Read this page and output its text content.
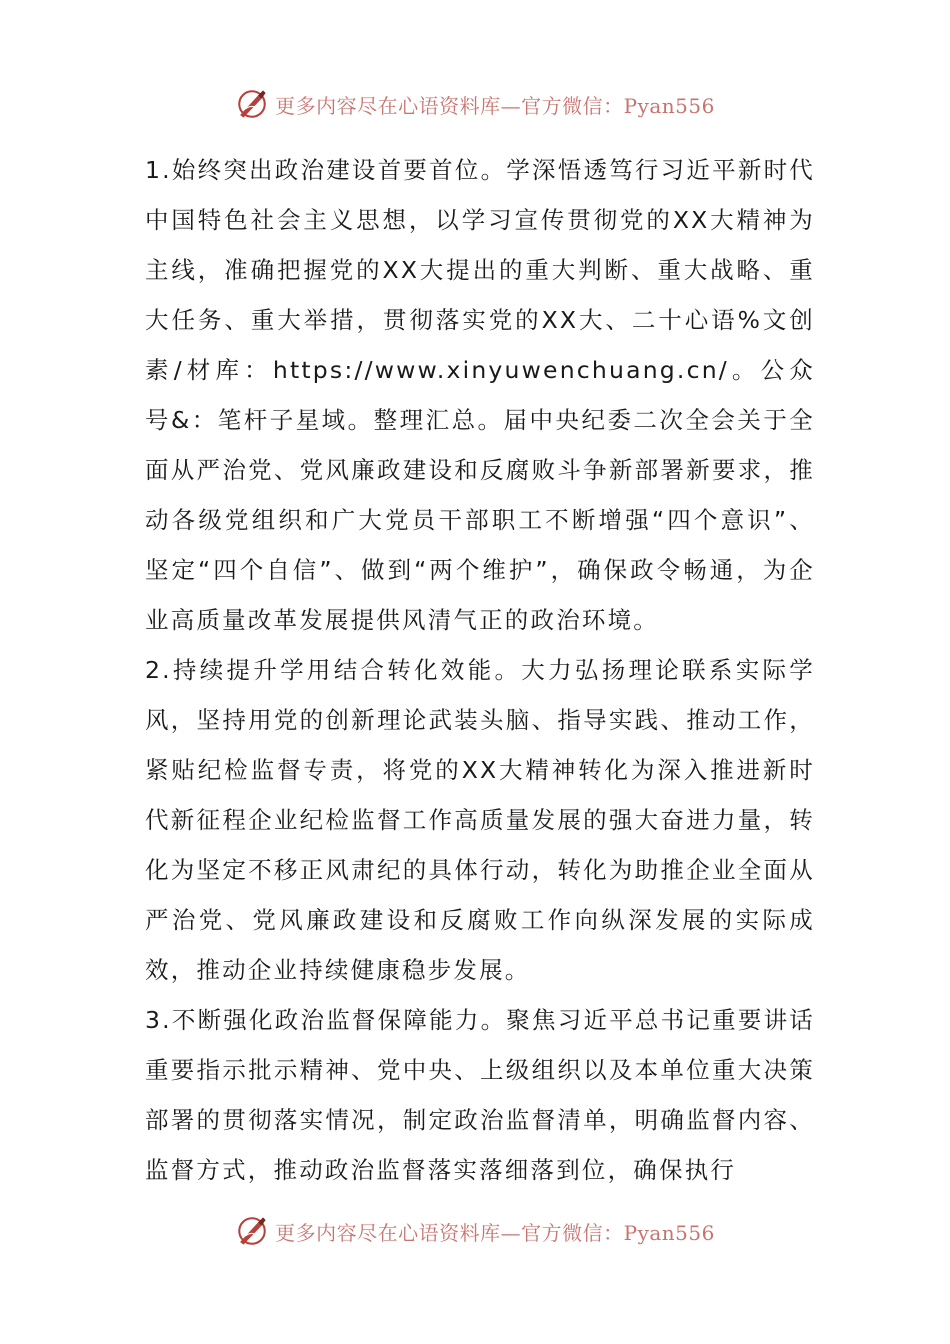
更多内容尽在心语资料库—官方微信：Pyan556

1.始终突出政治建设首要首位。学深悟透笃行习近平新时代中国特色社会主义思想，以学习宣传贯彻党的XX大精神为主线，准确把握党的XX大提出的重大判断、重大战略、重大任务、重大举措，贯彻落实党的XX大、二十心语%文创素/材库：https://www.xinyuwenchuang.cn/。公众号&：笔杆子星域。整理汇总。届中央纪委二次全会关于全面从严治党、党风廉政建设和反腐败斗争新部署新要求，推动各级党组织和广大党员干部职工不断增强“四个意识”、坚定“四个自信”、做到“两个维护”，确保政令畅通，为企业高质量改革发展提供风清气正的政治环境。

2.持续提升学用结合转化效能。大力弘扬理论联系实际学风，坚持用党的创新理论武装头脑、指导实践、推动工作，紧贴纪检监督专责，将党的XX大精神转化为深入推进新时代新征程企业纪检监督工作高质量发展的强大奋进力量，转化为坚定不移正风肃纪的具体行动，转化为助推企业全面从严治党、党风廉政建设和反腐败工作向纵深发展的实际成效，推动企业持续健康稳步发展。

3.不断强化政治监督保障能力。聚焦习近平总书记重要讲话重要指示批示精神、党中央、上级组织以及本单位重大决策部署的贯彻落实情况，制定政治监督清单，明确监督内容、监督方式，推动政治监督落实落细落到位，确保执行

更多内容尽在心语资料库—官方微信：Pyan556
